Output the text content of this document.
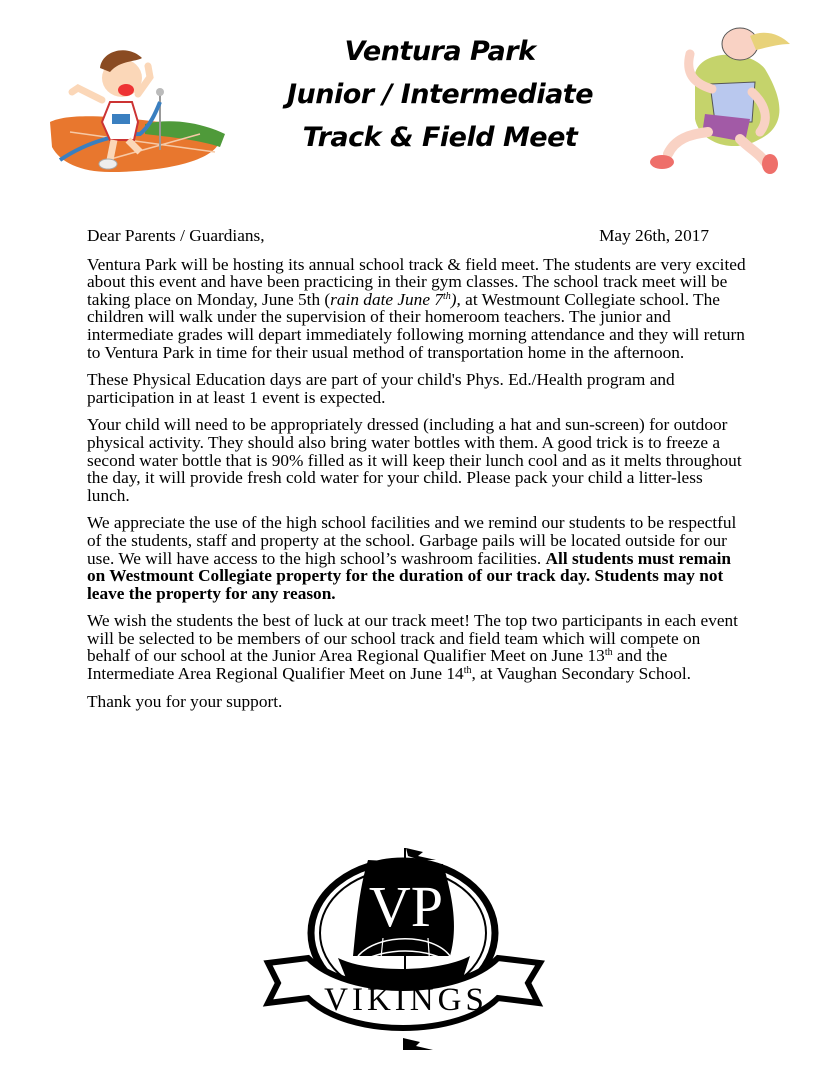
Ventura Park
Junior / Intermediate
Track & Field Meet
Dear Parents / Guardians,	May 26th, 2017

Ventura Park will be hosting its annual school track & field meet. The students are very excited about this event and have been practicing in their gym classes. The school track meet will be taking place on Monday, June 5th (rain date June 7th), at Westmount Collegiate school. The children will walk under the supervision of their homeroom teachers. The junior and intermediate grades will depart immediately following morning attendance and they will return to Ventura Park in time for their usual method of transportation home in the afternoon.

These Physical Education days are part of your child's Phys. Ed./Health program and participation in at least 1 event is expected.

Your child will need to be appropriately dressed (including a hat and sun-screen) for outdoor physical activity. They should also bring water bottles with them. A good trick is to freeze a second water bottle that is 90% filled as it will keep their lunch cool and as it melts throughout the day, it will provide fresh cold water for your child. Please pack your child a litter-less lunch.

We appreciate the use of the high school facilities and we remind our students to be respectful of the students, staff and property at the school. Garbage pails will be located outside for our use. We will have access to the high school’s washroom facilities. All students must remain on Westmount Collegiate property for the duration of our track day. Students may not leave the property for any reason.

We wish the students the best of luck at our track meet! The top two participants in each event will be selected to be members of our school track and field team which will compete on behalf of our school at the Junior Area Regional Qualifier Meet on June 13th and the Intermediate Area Regional Qualifier Meet on June 14th, at Vaughan Secondary School.

Thank you for your support.

VP
VIKINGS
